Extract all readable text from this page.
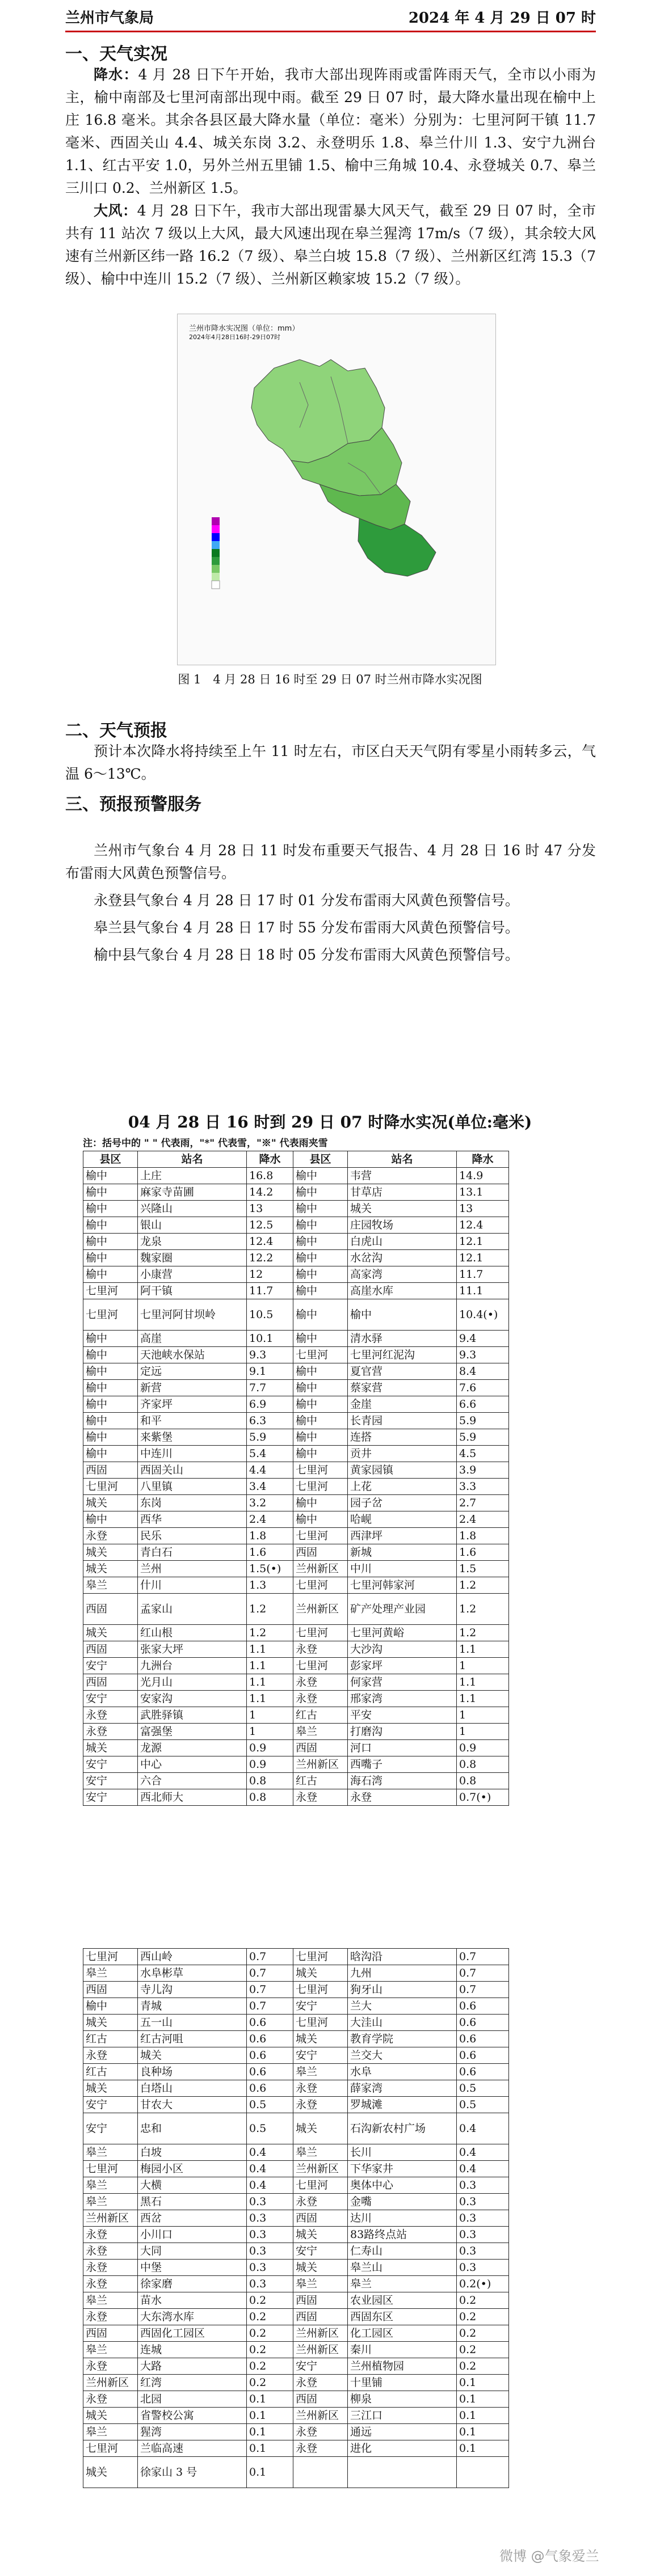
兰州市气象局	2024 年 4 月 29 日 07 时
一、天气实况

降水：4 月 28 日下午开始，我市大部出现阵雨或雷阵雨天气，全市以小雨为主，榆中南部及七里河南部出现中雨。截至 29 日 07 时，最大降水量出现在榆中上庄 16.8 毫米。其余各县区最大降水量（单位：毫米）分别为：七里河阿干镇 11.7 毫米、西固关山 4.4、城关东岗 3.2、永登明乐 1.8、皋兰什川 1.3、安宁九洲台 1.1、红古平安 1.0，另外兰州五里铺 1.5、榆中三角城 10.4、永登城关 0.7、皋兰三川口 0.2、兰州新区 1.5。

大风：4 月 28 日下午，我市大部出现雷暴大风天气，截至 29 日 07 时，全市共有 11 站次 7 级以上大风，最大风速出现在皋兰猩湾 17m/s（7 级），其余较大风速有兰州新区纬一路 16.2（7 级）、皋兰白坡 15.8（7 级）、兰州新区红湾 15.3（7 级）、榆中中连川 15.2（7 级）、兰州新区赖家坡 15.2（7 级）。

兰州市降水实况图（单位：mm）
2024年4月28日16时-29日07时
图 1　4 月 28 日 16 时至 29 日 07 时兰州市降水实况图
二、天气预报

预计本次降水将持续至上午 11 时左右，市区白天天气阴有零星小雨转多云，气温 6～13℃。

三、预报预警服务

兰州市气象台 4 月 28 日 11 时发布重要天气报告、4 月 28 日 16 时 47 分发布雷雨大风黄色预警信号。

永登县气象台 4 月 28 日 17 时 01 分发布雷雨大风黄色预警信号。

皋兰县气象台 4 月 28 日 17 时 55 分发布雷雨大风黄色预警信号。

榆中县气象台 4 月 28 日 18 时 05 分发布雷雨大风黄色预警信号。

04 月 28 日 16 时到 29 日 07 时降水实况(单位:毫米)
注：括号中的 " " 代表雨，"*" 代表雪，"※" 代表雨夹雪
县区	站名	降水	县区	站名	降水
榆中	上庄	16.8	榆中	韦营	14.9
榆中	麻家寺苗圃	14.2	榆中	甘草店	13.1
榆中	兴隆山	13	榆中	城关	13
榆中	银山	12.5	榆中	庄园牧场	12.4
榆中	龙泉	12.4	榆中	白虎山	12.1
榆中	魏家圈	12.2	榆中	水岔沟	12.1
榆中	小康营	12	榆中	高家湾	11.7
七里河	阿干镇	11.7	榆中	高崖水库	11.1
七里河	七里河阿甘坝岭	10.5	榆中	榆中	10.4(•)
榆中	高崖	10.1	榆中	清水驿	9.4
榆中	天池峡水保站	9.3	七里河	七里河红泥沟	9.3
榆中	定远	9.1	榆中	夏官营	8.4
榆中	新营	7.7	榆中	蔡家营	7.6
榆中	齐家坪	6.9	榆中	金崖	6.6
榆中	和平	6.3	榆中	长青园	5.9
榆中	来紫堡	5.9	榆中	连搭	5.9
榆中	中连川	5.4	榆中	贡井	4.5
西固	西固关山	4.4	七里河	黄家园镇	3.9
七里河	八里镇	3.4	七里河	上花	3.3
城关	东岗	3.2	榆中	园子岔	2.7
榆中	西华	2.4	榆中	哈岘	2.4
永登	民乐	1.8	七里河	西津坪	1.8
城关	青白石	1.6	西固	新城	1.6
城关	兰州	1.5(•)	兰州新区	中川	1.5
皋兰	什川	1.3	七里河	七里河韩家河	1.2
西固	孟家山	1.2	兰州新区	矿产处理产业园	1.2
城关	红山根	1.2	七里河	七里河黄峪	1.2
西固	张家大坪	1.1	永登	大沙沟	1.1
安宁	九洲台	1.1	七里河	彭家坪	1
西固	光月山	1.1	永登	何家营	1.1
安宁	安家沟	1.1	永登	邢家湾	1.1
永登	武胜驿镇	1	红古	平安	1
永登	富强堡	1	皋兰	打磨沟	1
城关	龙源	0.9	西固	河口	0.9
安宁	中心	0.9	兰州新区	西嘴子	0.8
安宁	六合	0.8	红古	海石湾	0.8
安宁	西北师大	0.8	永登	永登	0.7(•)
七里河	西山岭	0.7	七里河	晗沟沿	0.7
皋兰	水阜彬草	0.7	城关	九州	0.7
西固	寺儿沟	0.7	七里河	狗牙山	0.7
榆中	青城	0.7	安宁	兰大	0.6
城关	五一山	0.6	七里河	大洼山	0.6
红古	红古河咀	0.6	城关	教育学院	0.6
永登	城关	0.6	安宁	兰交大	0.6
红古	良种场	0.6	皋兰	水阜	0.6
城关	白塔山	0.6	永登	薛家湾	0.5
安宁	甘农大	0.5	永登	罗城滩	0.5
安宁	忠和	0.5	城关	石沟新农村广场	0.4
皋兰	白坡	0.4	皋兰	长川	0.4
七里河	梅园小区	0.4	兰州新区	下华家井	0.4
皋兰	大横	0.4	七里河	奥体中心	0.3
皋兰	黑石	0.3	永登	金嘴	0.3
兰州新区	西岔	0.3	西固	达川	0.3
永登	小川口	0.3	城关	83路终点站	0.3
永登	大同	0.3	安宁	仁寿山	0.3
永登	中堡	0.3	城关	皋兰山	0.3
永登	徐家磨	0.3	皋兰	皋兰	0.2(•)
皋兰	苗水	0.2	西固	农业园区	0.2
永登	大东湾水库	0.2	西固	西固东区	0.2
西固	西固化工园区	0.2	兰州新区	化工园区	0.2
皋兰	连城	0.2	兰州新区	秦川	0.2
永登	大路	0.2	安宁	兰州植物园	0.2
兰州新区	红湾	0.2	永登	十里铺	0.1
永登	北园	0.1	西固	柳泉	0.1
城关	省警校公寓	0.1	兰州新区	三江口	0.1
皋兰	猩湾	0.1	永登	通远	0.1
七里河	兰临高速	0.1	永登	进化	0.1
城关	徐家山 3 号	0.1			
微博 @气象爱兰
